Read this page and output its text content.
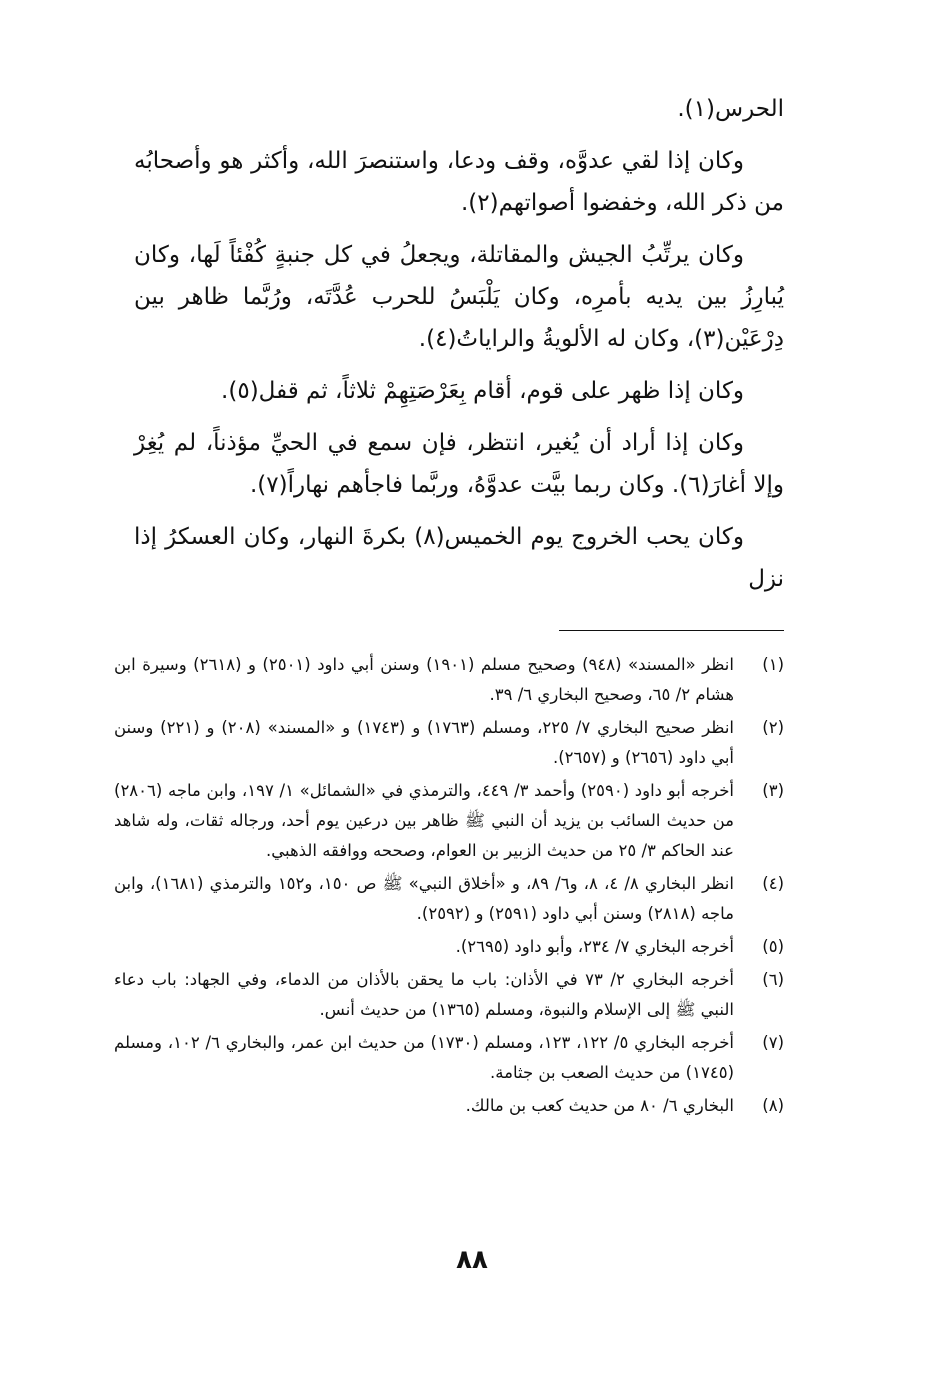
الحرس(١).

وكان إذا لقي عدوَّه، وقف ودعا، واستنصرَ الله، وأكثر هو وأصحابُه من ذكر الله، وخفضوا أصواتهم(٢).

وكان يرتِّبُ الجيش والمقاتلة، ويجعلُ في كل جنبةٍ كُفْئاً لَها، وكان يُبارِزُ بين يديه بأمرِه، وكان يَلْبَسُ للحرب عُدَّتَه، ورُبَّما ظاهر بين دِرْعَيْن(٣)، وكان له الألويةُ والراياتُ(٤).

وكان إذا ظهر على قوم، أقام بِعَرْصَتِهِمْ ثلاثاً، ثم قفل(٥).

وكان إذا أراد أن يُغير، انتظر، فإن سمع في الحيِّ مؤذناً، لم يُغِرْ وإلا أغارَ(٦). وكان ربما بيَّت عدوَّهُ، وربَّما فاجأهم نهاراً(٧).

وكان يحب الخروج يوم الخميس(٨) بكرةَ النهار، وكان العسكرُ إذا نزل

(١)
انظر «المسند» (٩٤٨) وصحيح مسلم (١٩٠١) وسنن أبي داود (٢٥٠١) و (٢٦١٨) وسيرة ابن هشام ٢/ ٦٥، وصحيح البخاري ٦/ ٣٩.
(٢)
انظر صحيح البخاري ٧/ ٢٢٥، ومسلم (١٧٦٣) و (١٧٤٣) و «المسند» (٢٠٨) و (٢٢١) وسنن أبي داود (٢٦٥٦) و (٢٦٥٧).
(٣)
أخرجه أبو داود (٢٥٩٠) وأحمد ٣/ ٤٤٩، والترمذي في «الشمائل» ١/ ١٩٧، وابن ماجه (٢٨٠٦) من حديث السائب بن يزيد أن النبي ﷺ ظاهر بين درعين يوم أحد، ورجاله ثقات، وله شاهد عند الحاكم ٣/ ٢٥ من حديث الزبير بن العوام، وصححه ووافقه الذهبي.
(٤)
انظر البخاري ٨/ ٤، ٨، و٦/ ٨٩، و «أخلاق النبي» ﷺ ص ١٥٠، و١٥٢ والترمذي (١٦٨١)، وابن ماجه (٢٨١٨) وسنن أبي داود (٢٥٩١) و (٢٥٩٢).
(٥)
أخرجه البخاري ٧/ ٢٣٤، وأبو داود (٢٦٩٥).
(٦)
أخرجه البخاري ٢/ ٧٣ في الأذان: باب ما يحقن بالأذان من الدماء، وفي الجهاد: باب دعاء النبي ﷺ إلى الإسلام والنبوة، ومسلم (١٣٦٥) من حديث أنس.
(٧)
أخرجه البخاري ٥/ ١٢٢، ١٢٣، ومسلم (١٧٣٠) من حديث ابن عمر، والبخاري ٦/ ١٠٢، ومسلم (١٧٤٥) من حديث الصعب بن جثامة.
(٨)
البخاري ٦/ ٨٠ من حديث كعب بن مالك.
٨٨
